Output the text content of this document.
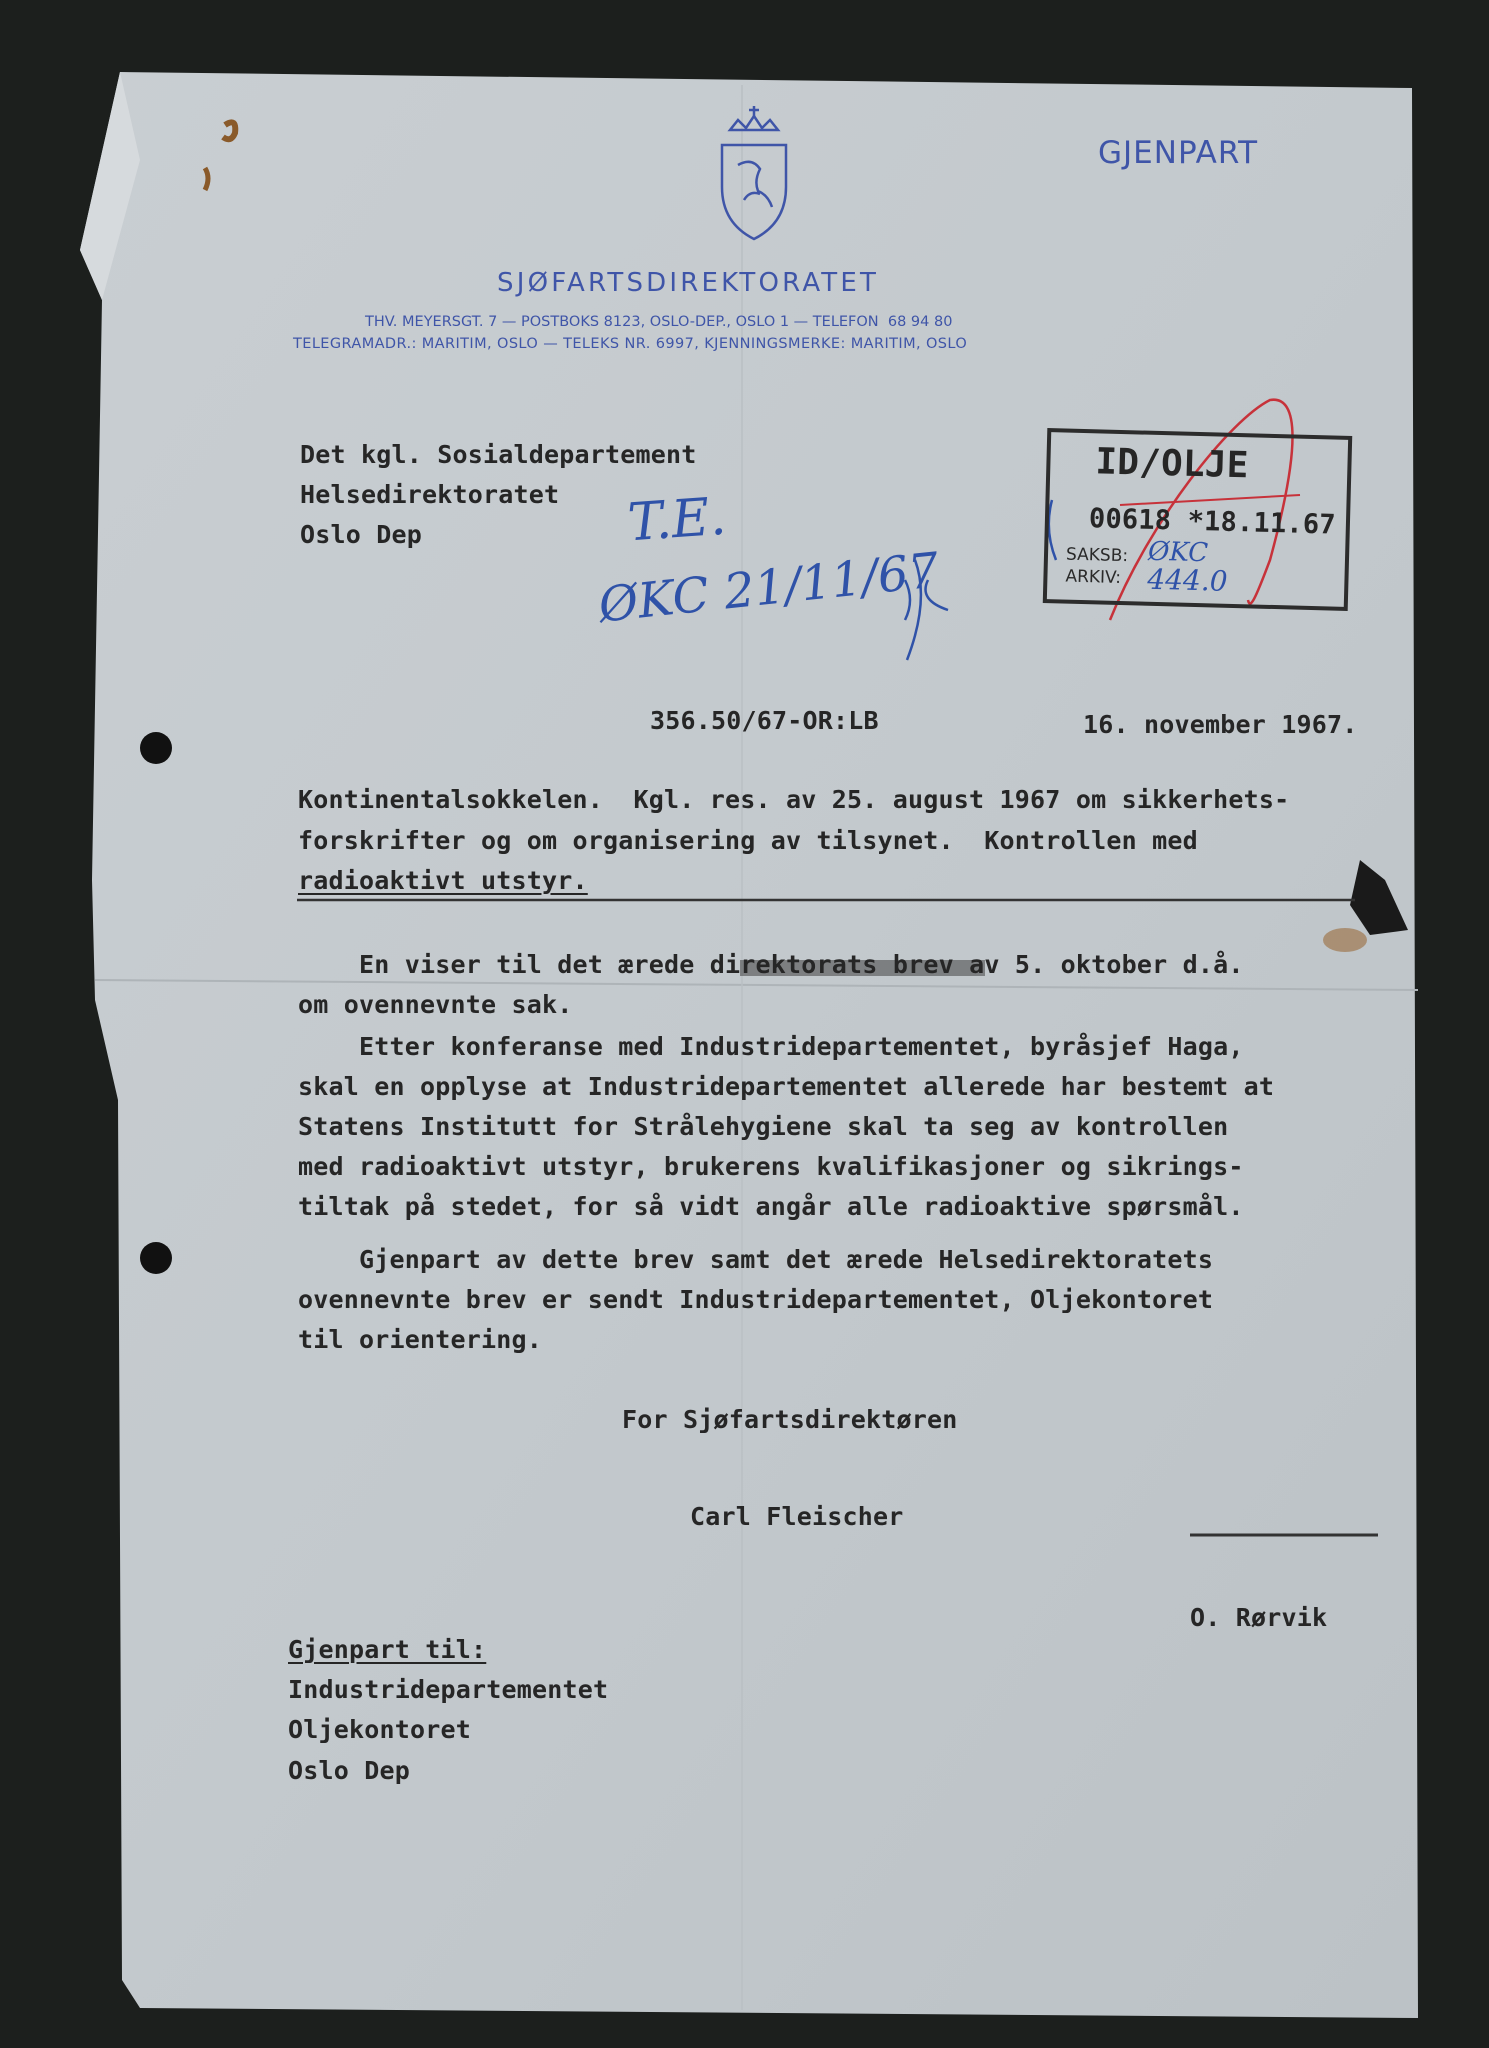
GJENPART
SJØFARTSDIREKTORATET
THV. MEYERSGT. 7 — POSTBOKS 8123, OSLO-DEP., OSLO 1 — TELEFON  68 94 80
TELEGRAMADR.: MARITIM, OSLO — TELEKS NR. 6997, KJENNINGSMERKE: MARITIM, OSLO
Det kgl. Sosialdepartement
Helsedirektoratet
Oslo Dep	T.E.
ØKC 21/11/67
ID/OLJE
00618 *18.11.67
SAKSB: ØKC
ARKIV: 444.0
356.50/67-OR:LB	16. november 1967.
Kontinentalsokkelen.  Kgl. res. av 25. august 1967 om sikkerhets-
forskrifter og om organisering av tilsynet.  Kontrollen med
radioaktivt utstyr.
En viser til det ærede direktorats brev av 5. oktober d.å.
om ovennevnte sak.
Etter konferanse med Industridepartementet, byråsjef Haga,
skal en opplyse at Industridepartementet allerede har bestemt at
Statens Institutt for Strålehygiene skal ta seg av kontrollen
med radioaktivt utstyr, brukerens kvalifikasjoner og sikrings-
tiltak på stedet, for så vidt angår alle radioaktive spørsmål.
Gjenpart av dette brev samt det ærede Helsedirektoratets
ovennevnte brev er sendt Industridepartementet, Oljekontoret
til orientering.
For Sjøfartsdirektøren
Carl Fleischer
O. Rørvik
Gjenpart til:
Industridepartementet
Oljekontoret
Oslo Dep
